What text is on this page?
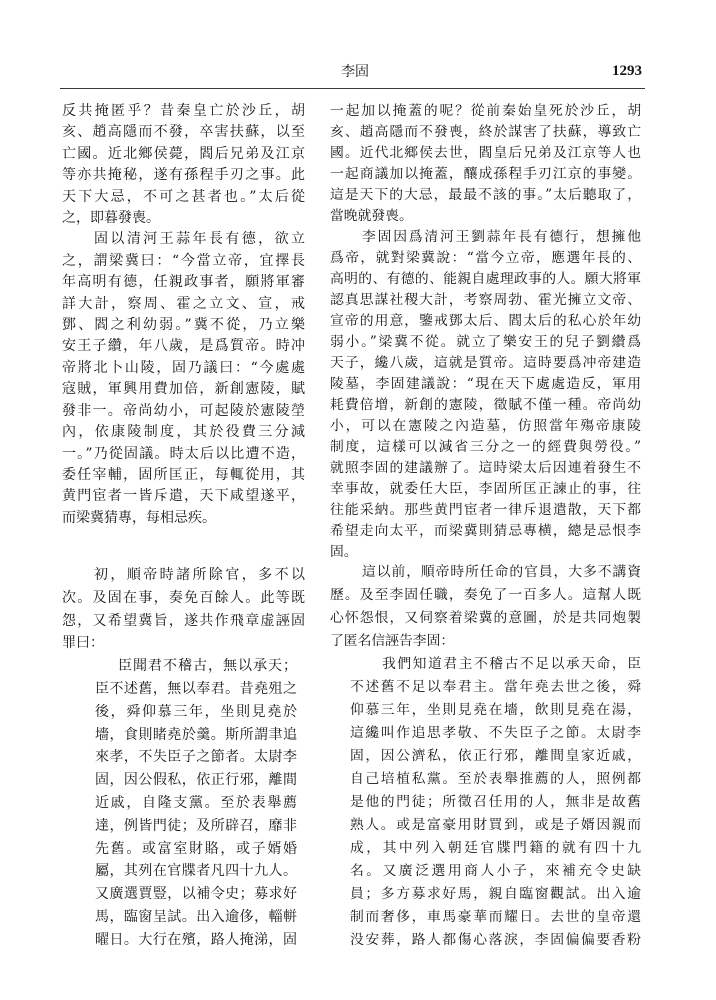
李固	1293
反共掩匿乎？昔秦皇亡於沙丘，胡
亥、趙高隱而不發，卒害扶蘇，以至
亡國。近北鄉侯薨，閻后兄弟及江京
等亦共掩秘，遂有孫程手刃之事。此
天下大忌，不可之甚者也。”太后從
之，即暮發喪。
固以清河王蒜年長有德，欲立
之，謂梁冀曰：“今當立帝，宜擇長
年高明有德，任親政事者，願將軍審
詳大計，察周、霍之立文、宣，戒
鄧、閻之利幼弱。”冀不從，乃立樂
安王子纘，年八歲，是爲質帝。時冲
帝將北卜山陵，固乃議曰：“今處處
寇賊，軍興用費加倍，新創憲陵，賦
發非一。帝尚幼小，可起陵於憲陵塋
內，依康陵制度，其於役費三分減
一。”乃從固議。時太后以比遭不造，
委任宰輔，固所匡正，每輒從用，其
黄門宦者一皆斥遣，天下咸望遂平，
而梁冀猜專，每相忌疾。
初，順帝時諸所除官，多不以
次。及固在事，奏免百餘人。此等既
怨，又希望冀旨，遂共作飛章虚誣固
罪曰：
臣聞君不稽古，無以承天；
臣不述舊，無以奉君。昔堯殂之
後，舜仰慕三年，坐則見堯於
墻，食則睹堯於羹。斯所謂聿追
來孝，不失臣子之節者。太尉李
固，因公假私，依正行邪，離間
近戚，自隆支黨。至於表舉薦
達，例皆門徒；及所辟召，靡非
先舊。或富室財賂，或子婿婚
屬，其列在官牒者凡四十九人。
又廣選賈豎，以補令史；募求好
馬，臨窗呈試。出入逾侈，輜軿
曜日。大行在殯，路人掩涕，固
一起加以掩蓋的呢？從前秦始皇死於沙丘，胡
亥、趙高隱而不發喪，終於謀害了扶蘇，導致亡
國。近代北鄉侯去世，閻皇后兄弟及江京等人也
一起商議加以掩蓋，釀成孫程手刃江京的事變。
這是天下的大忌，最最不該的事。”太后聽取了，
當晚就發喪。
李固因爲清河王劉蒜年長有德行，想擁他
爲帝，就對梁冀說：“當今立帝，應選年長的、
高明的、有德的、能親自處理政事的人。願大將軍
認真思謀社稷大計，考察周勃、霍光擁立文帝、
宣帝的用意，鑒戒鄧太后、閻太后的私心於年幼
弱小。”梁冀不從。就立了樂安王的兒子劉纘爲
天子，纔八歲，這就是質帝。這時要爲冲帝建造
陵墓，李固建議說：“現在天下處處造反，軍用
耗費倍增，新創的憲陵，徵賦不僅一種。帝尚幼
小，可以在憲陵之內造墓，仿照當年殤帝康陵
制度，這樣可以減省三分之一的經費與勞役。”
就照李固的建議辦了。這時梁太后因連着發生不
幸事故，就委任大臣，李固所匡正諫止的事，往
往能采納。那些黄門宦者一律斥退遣散，天下都
希望走向太平，而梁冀則猜忌專横，總是忌恨李
固。
這以前，順帝時所任命的官員，大多不講資
歷。及至李固任職，奏免了一百多人。這幫人既
心怀怨恨，又伺察着梁冀的意圖，於是共同炮製
了匿名信誣告李固：
我們知道君主不稽古不足以承天命，臣
不述舊不足以奉君主。當年堯去世之後，舜
仰慕三年，坐則見堯在墻，飲則見堯在湯，
這纔叫作追思孝敬、不失臣子之節。太尉李
固，因公濟私，依正行邪，離間皇家近戚，
自己培植私黨。至於表舉推薦的人，照例都
是他的門徒；所徵召任用的人，無非是故舊
熟人。或是富豪用財買到，或是子婿因親而
成，其中列入朝廷官牒門籍的就有四十九
名。又廣泛選用商人小子，來補充令史缺
員；多方募求好馬，親自臨窗觀試。出入逾
制而奢侈，車馬豪華而耀日。去世的皇帝還
没安葬，路人都傷心落淚，李固偏偏要香粉
